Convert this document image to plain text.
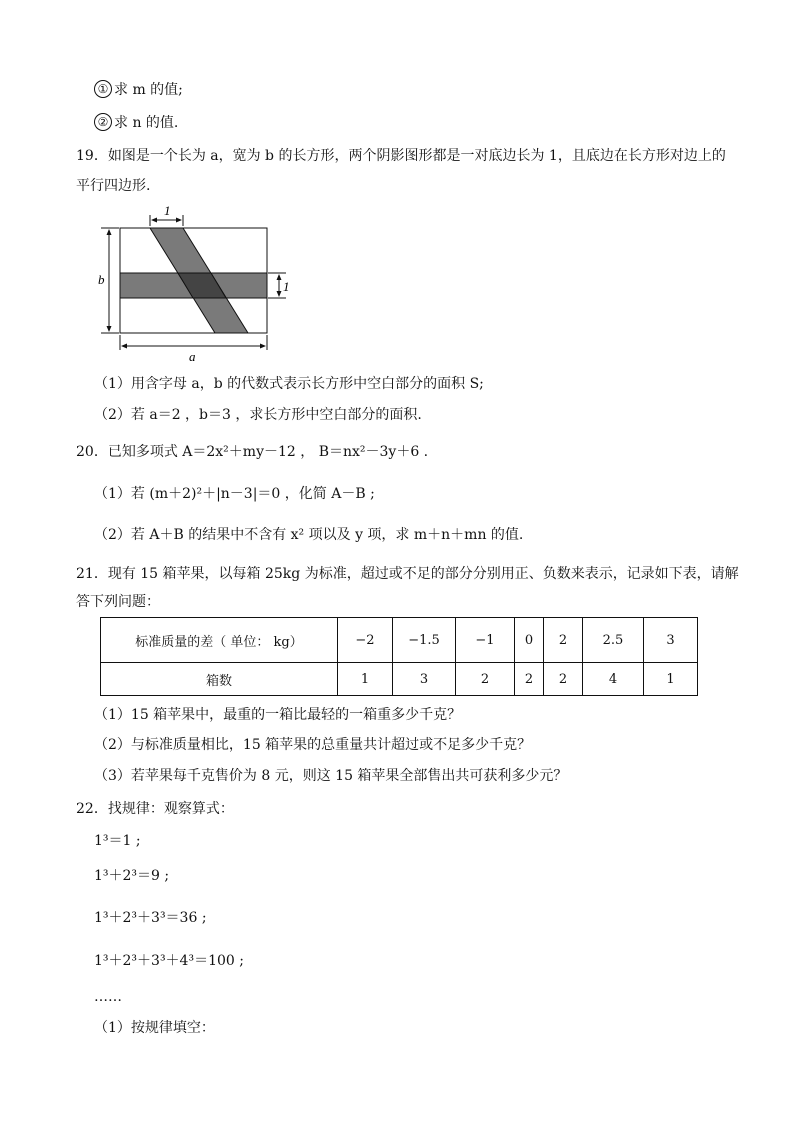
① 求 m 的值;
② 求 n 的值.
19．如图是一个长为 a，宽为 b 的长方形，两个阴影图形都是一对底边长为 1，且底边在长方形对边上的
平行四边形.
1
b	1
a
（1）用含字母 a，b 的代数式表示长方形中空白部分的面积 S;
（2）若 a＝2 ，b＝3 ，求长方形中空白部分的面积.
20．已知多项式 A＝2x²＋my－12 ， B＝nx²－3y＋6 .
（1）若 (m＋2)²＋|n－3|＝0 ，化简 A－B ;
（2）若 A＋B 的结果中不含有 x² 项以及 y 项，求 m＋n＋mn 的值.
21．现有 15 箱苹果，以每箱 25kg 为标准，超过或不足的部分分别用正、负数来表示，记录如下表，请解
答下列问题：
标准质量的差（ 单位： kg）	−2	−1.5	−1	0	2	2.5	3
箱数	1	3	2	2	2	4	1
（1）15 箱苹果中，最重的一箱比最轻的一箱重多少千克？
（2）与标准质量相比，15 箱苹果的总重量共计超过或不足多少千克？
（3）若苹果每千克售价为 8 元，则这 15 箱苹果全部售出共可获利多少元？
22．找规律：观察算式：
1³＝1 ;
1³＋2³＝9 ;
1³＋2³＋3³＝36 ;
1³＋2³＋3³＋4³＝100 ;
……
（1）按规律填空：
